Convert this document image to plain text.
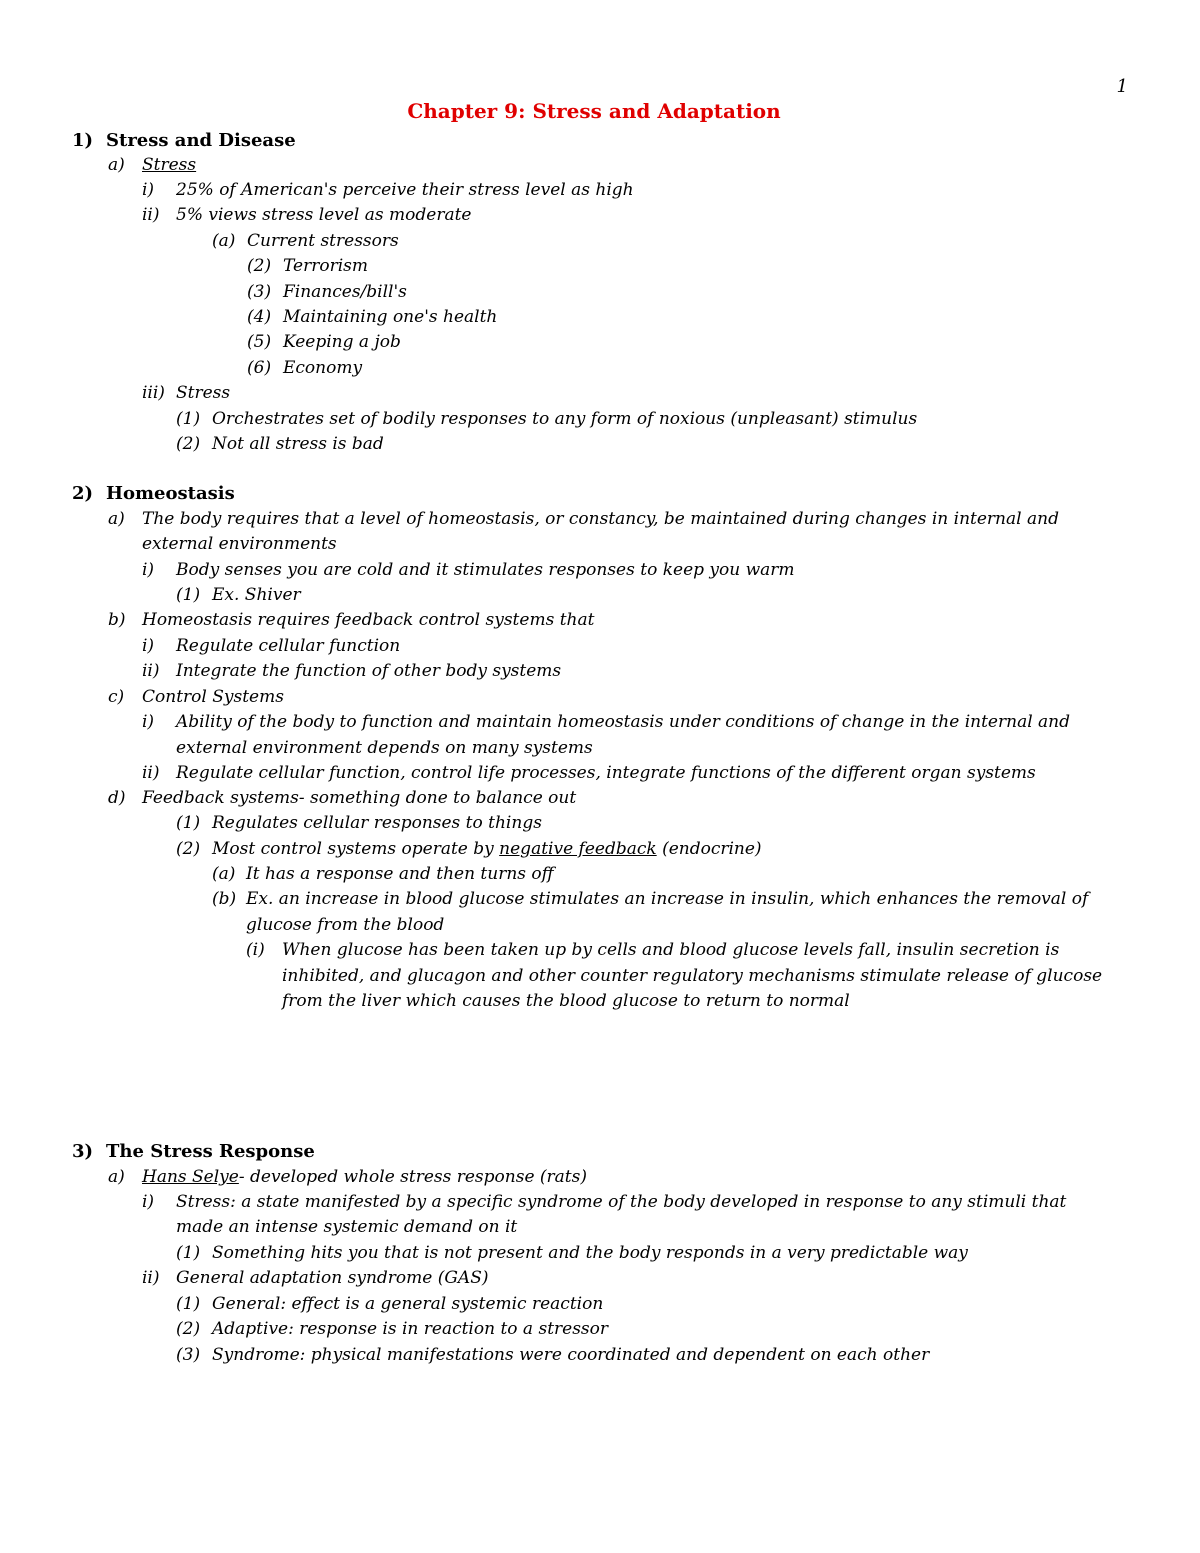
1
Chapter 9: Stress and Adaptation
1) Stress and Disease
a) Stress
i) 25% of American's perceive their stress level as high
ii) 5% views stress level as moderate
(a) Current stressors
(2) Terrorism
(3) Finances/bill's
(4) Maintaining one's health
(5) Keeping a job
(6) Economy
iii) Stress
(1) Orchestrates set of bodily responses to any form of noxious (unpleasant) stimulus
(2) Not all stress is bad
2) Homeostasis
a) The body requires that a level of homeostasis, or constancy, be maintained during changes in internal and
external environments
i) Body senses you are cold and it stimulates responses to keep you warm
(1) Ex. Shiver
b) Homeostasis requires feedback control systems that
i) Regulate cellular function
ii) Integrate the function of other body systems
c) Control Systems
i) Ability of the body to function and maintain homeostasis under conditions of change in the internal and
external environment depends on many systems
ii) Regulate cellular function, control life processes, integrate functions of the different organ systems
d) Feedback systems- something done to balance out
(1) Regulates cellular responses to things
(2) Most control systems operate by negative feedback (endocrine)
(a) It has a response and then turns off
(b) Ex. an increase in blood glucose stimulates an increase in insulin, which enhances the removal of
glucose from the blood
(i) When glucose has been taken up by cells and blood glucose levels fall, insulin secretion is
inhibited, and glucagon and other counter regulatory mechanisms stimulate release of glucose
from the liver which causes the blood glucose to return to normal
3) The Stress Response
a) Hans Selye- developed whole stress response (rats)
i) Stress: a state manifested by a specific syndrome of the body developed in response to any stimuli that
made an intense systemic demand on it
(1) Something hits you that is not present and the body responds in a very predictable way
ii) General adaptation syndrome (GAS)
(1) General: effect is a general systemic reaction
(2) Adaptive: response is in reaction to a stressor
(3) Syndrome: physical manifestations were coordinated and dependent on each other
